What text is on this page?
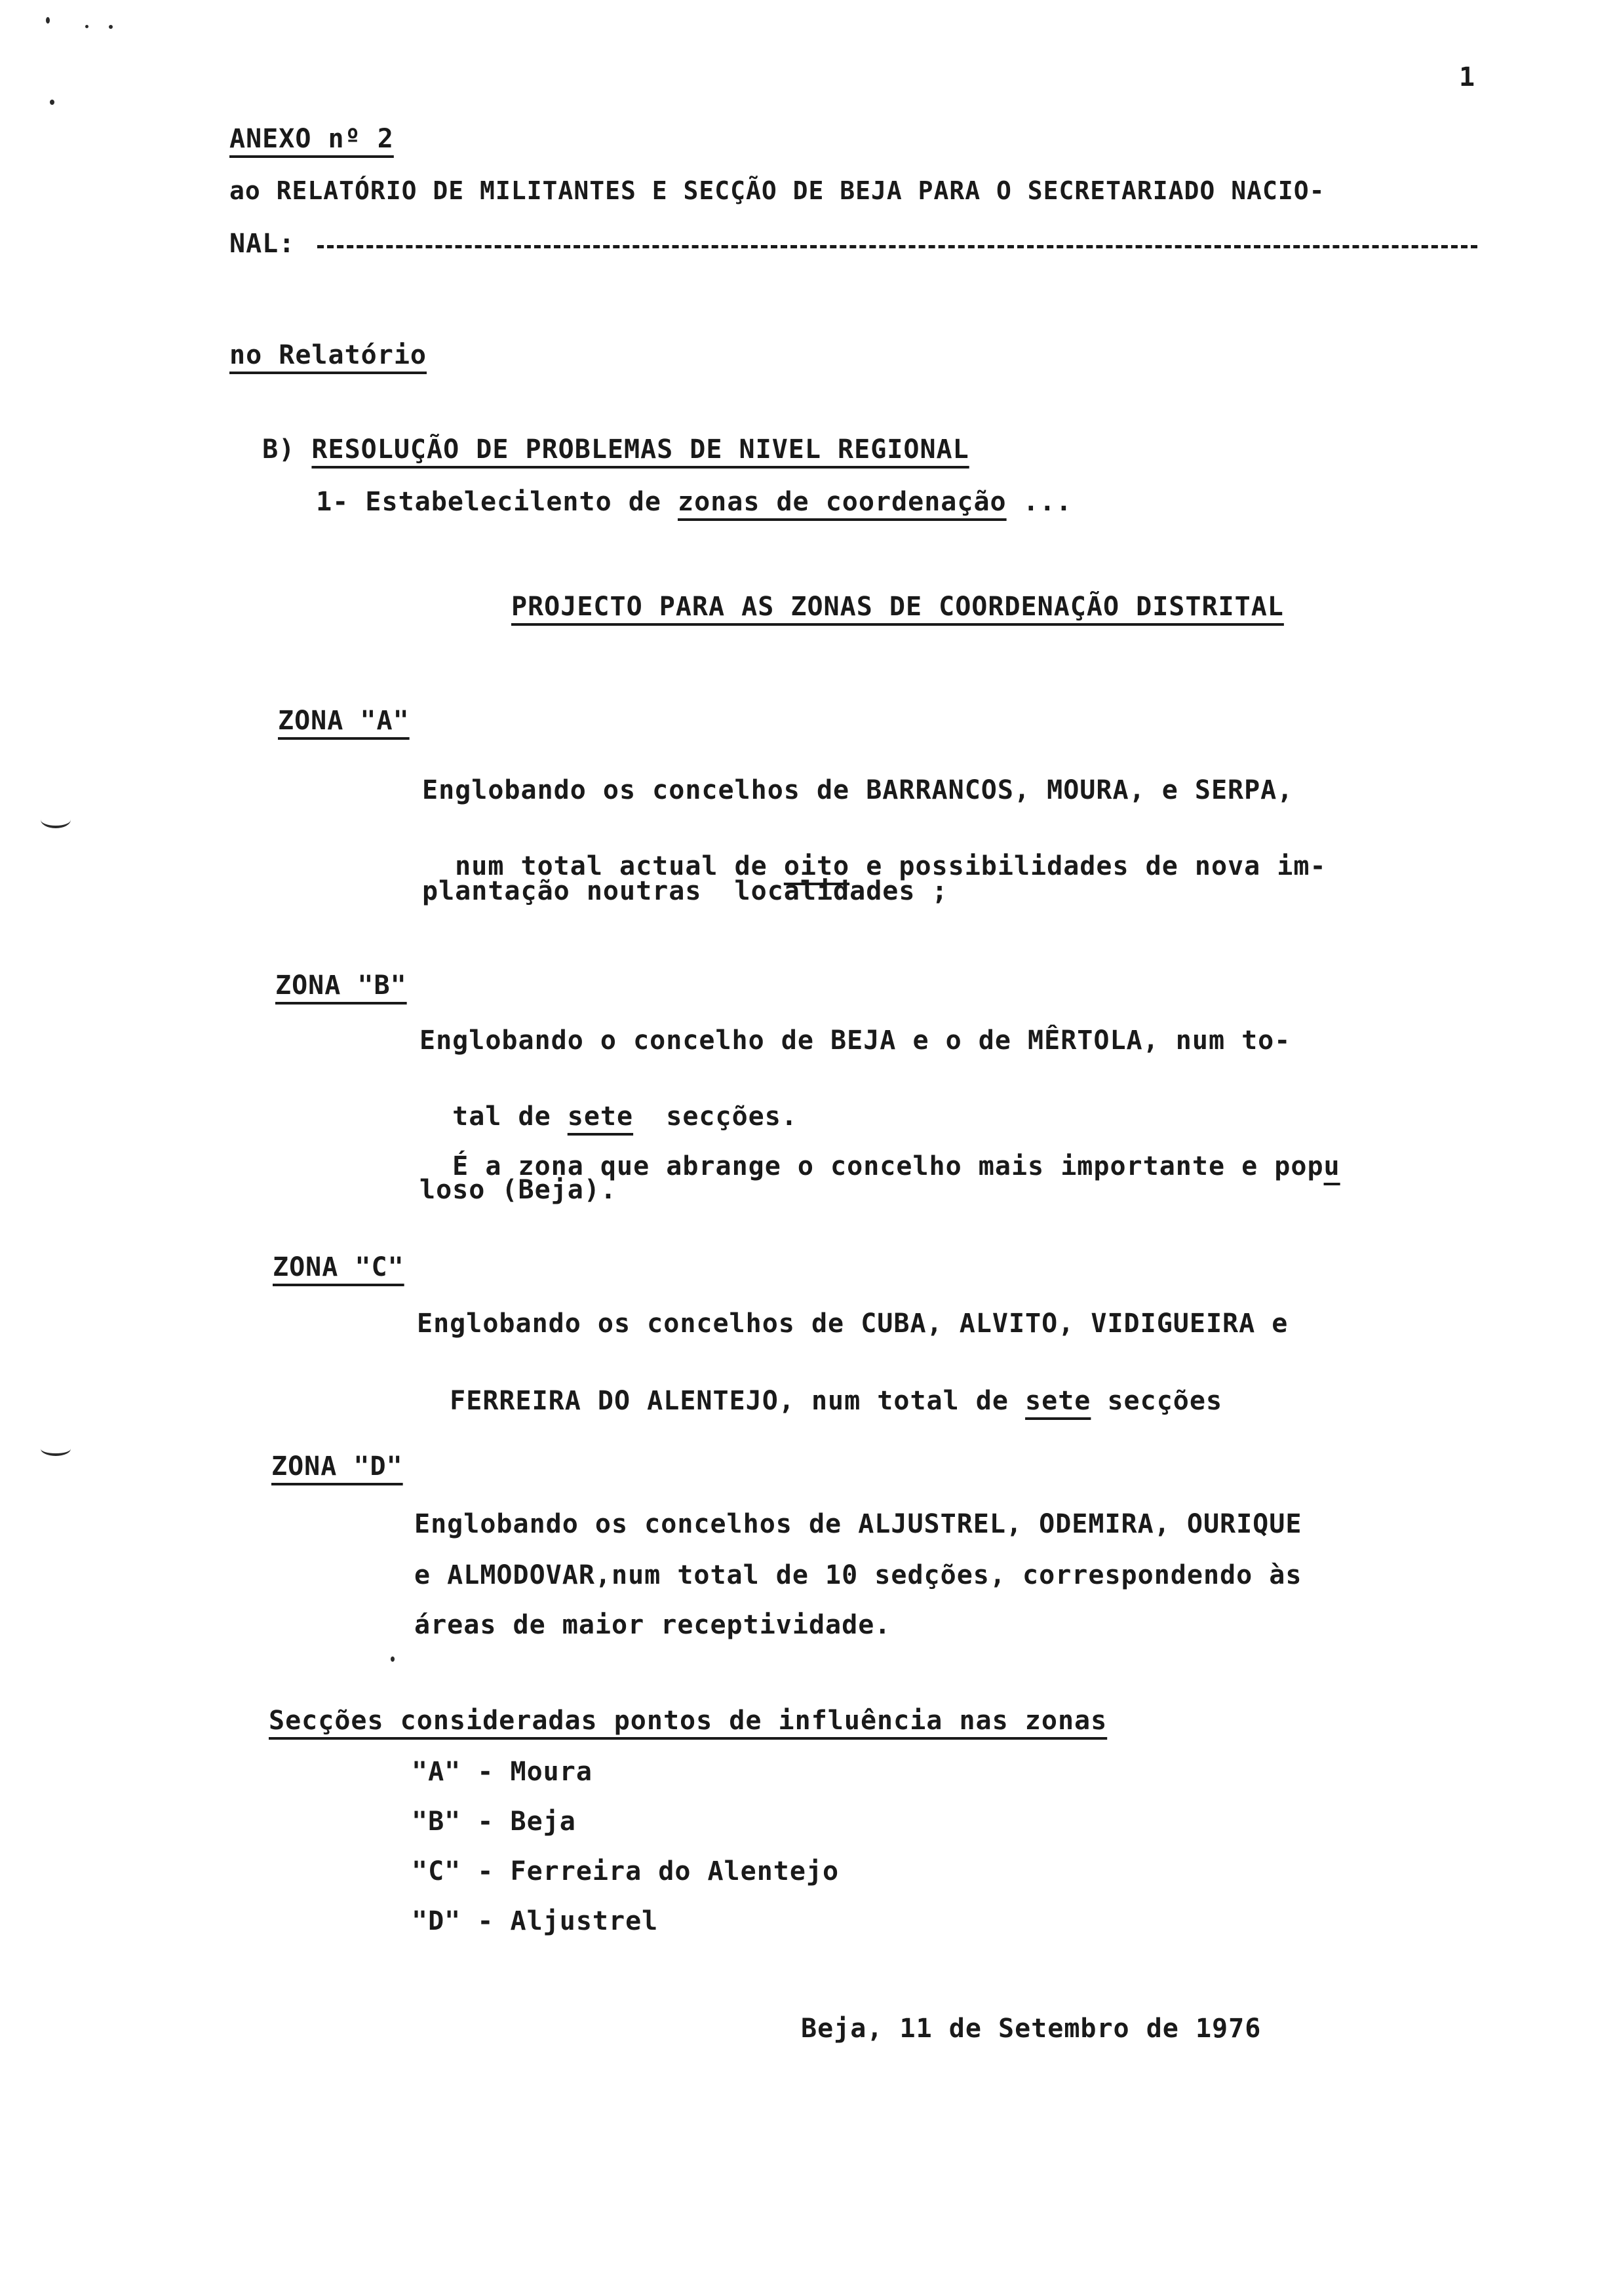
1
ANEXO nº 2
ao RELATÓRIO DE MILITANTES E SECÇÃO DE BEJA PARA O SECRETARIADO NACIO-
NAL:
no Relatório

B) RESOLUÇÃO DE PROBLEMAS DE NIVEL REGIONAL

1- Estabelecilento de zonas de coordenação ...

PROJECTO PARA AS ZONAS DE COORDENAÇÃO DISTRITAL
ZONA "A"
Englobando os concelhos de BARRANCOS, MOURA, e SERPA,

num total actual de oito e possibilidades de nova im-

plantação noutras  localidades ;
ZONA "B"
Englobando o concelho de BEJA e o de MÊRTOLA, num to-

tal de sete  secções.

É a zona que abrange o concelho mais importante e popu

loso (Beja).
ZONA "C"
Englobando os concelhos de CUBA, ALVITO, VIDIGUEIRA e

FERREIRA DO ALENTEJO, num total de sete secções

ZONA "D"
Englobando os concelhos de ALJUSTREL, ODEMIRA, OURIQUE
e ALMODOVAR,num total de 10 sedções, correspondendo às
áreas de maior receptividade.
Secções consideradas pontos de influência nas zonas
"A" - Moura
"B" - Beja
"C" - Ferreira do Alentejo
"D" - Aljustrel
Beja, 11 de Setembro de 1976
